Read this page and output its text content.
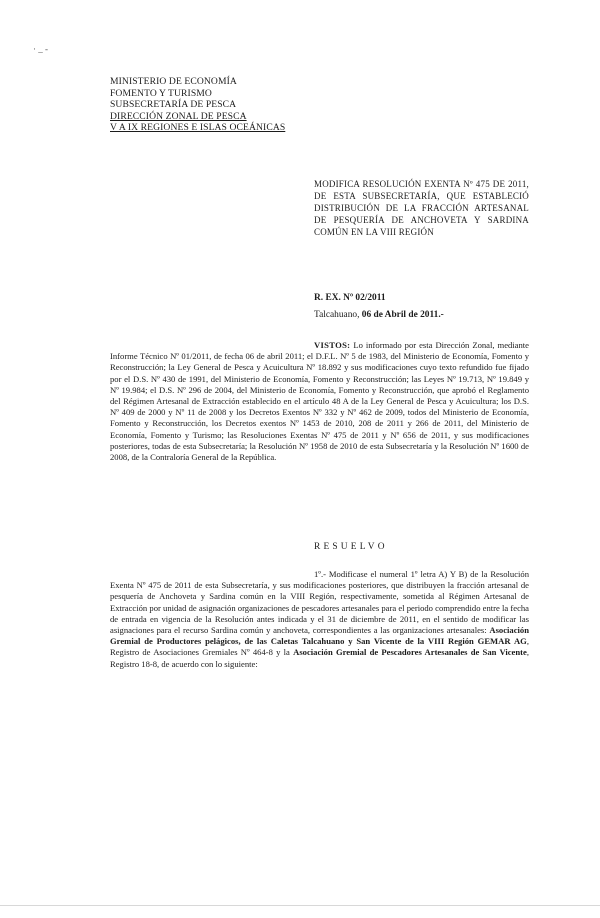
· _ -
MINISTERIO DE ECONOMÍA
FOMENTO Y TURISMO
SUBSECRETARÍA DE PESCA
DIRECCIÓN ZONAL DE PESCA
V A IX REGIONES E ISLAS OCEÁNICAS
MODIFICA RESOLUCIÓN EXENTA Nº 475 DE 2011, DE ESTA SUBSECRETARÍA, QUE ESTABLECIÓ DISTRIBUCIÓN DE LA FRACCIÓN ARTESANAL DE PESQUERÍA DE ANCHOVETA Y SARDINA COMÚN EN LA VIII REGIÓN
R. EX. Nº 02/2011
Talcahuano, 06 de Abril de 2011.-
VISTOS: Lo informado por esta Dirección Zonal, mediante Informe Técnico Nº 01/2011, de fecha 06 de abril 2011; el D.F.L. Nº 5 de 1983, del Ministerio de Economía, Fomento y Reconstrucción; la Ley General de Pesca y Acuicultura Nº 18.892 y sus modificaciones cuyo texto refundido fue fijado por el D.S. Nº 430 de 1991, del Ministerio de Economía, Fomento y Reconstrucción; las Leyes Nº 19.713, Nº 19.849 y Nº 19.984; el D.S. Nº 296 de 2004, del Ministerio de Economía, Fomento y Reconstrucción, que aprobó el Reglamento del Régimen Artesanal de Extracción establecido en el artículo 48 A de la Ley General de Pesca y Acuicultura; los D.S. Nº 409 de 2000 y Nº 11 de 2008 y los Decretos Exentos Nº 332 y Nº 462 de 2009, todos del Ministerio de Economía, Fomento y Reconstrucción, los Decretos exentos Nº 1453 de 2010, 208 de 2011 y 266 de 2011, del Ministerio de Economía, Fomento y Turismo; las Resoluciones Exentas Nº 475 de 2011 y Nº 656 de 2011, y sus modificaciones posteriores, todas de esta Subsecretaría; la Resolución Nº 1958 de 2010 de esta Subsecretaría y la Resolución Nº 1600 de 2008, de la Contraloría General de la República.
RESUELVO
1º.- Modificase el numeral 1º letra A) Y B) de la Resolución Exenta Nº 475 de 2011 de esta Subsecretaría, y sus modificaciones posteriores, que distribuyen la fracción artesanal de pesquería de Anchoveta y Sardina común en la VIII Región, respectivamente, sometida al Régimen Artesanal de Extracción por unidad de asignación organizaciones de pescadores artesanales para el periodo comprendido entre la fecha de entrada en vigencia de la Resolución antes indicada y el 31 de diciembre de 2011, en el sentido de modificar las asignaciones para el recurso Sardina común y anchoveta, correspondientes a las organizaciones artesanales: Asociación Gremial de Productores pelágicos, de las Caletas Talcahuano y San Vicente de la VIII Región GEMAR AG, Registro de Asociaciones Gremiales Nº 464-8 y la Asociación Gremial de Pescadores Artesanales de San Vicente, Registro 18-8, de acuerdo con lo siguiente:
